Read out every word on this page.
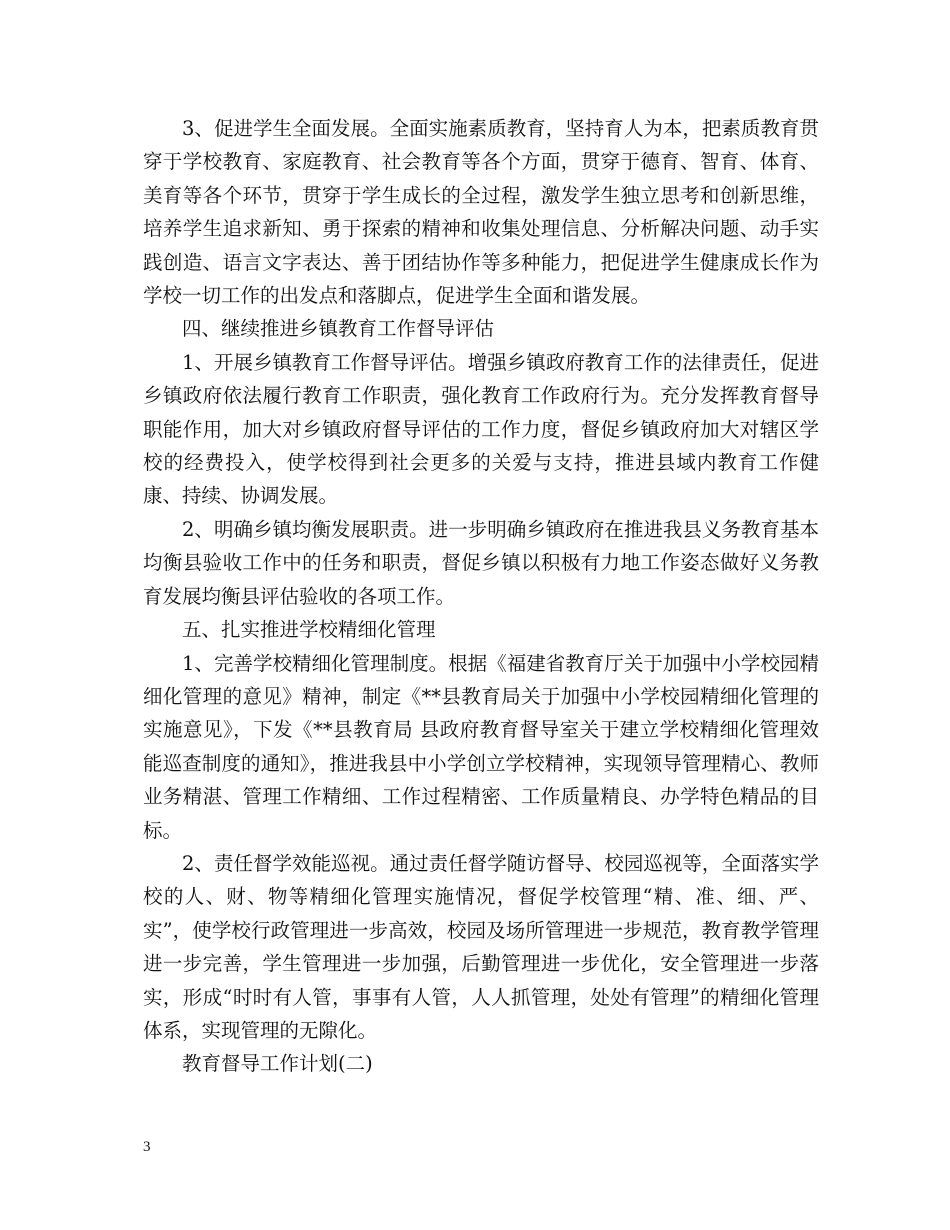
3、促进学生全面发展。全面实施素质教育，坚持育人为本，把素质教育贯穿于学校教育、家庭教育、社会教育等各个方面，贯穿于德育、智育、体育、美育等各个环节，贯穿于学生成长的全过程，激发学生独立思考和创新思维，培养学生追求新知、勇于探索的精神和收集处理信息、分析解决问题、动手实践创造、语言文字表达、善于团结协作等多种能力，把促进学生健康成长作为学校一切工作的出发点和落脚点，促进学生全面和谐发展。

四、继续推进乡镇教育工作督导评估

1、开展乡镇教育工作督导评估。增强乡镇政府教育工作的法律责任，促进乡镇政府依法履行教育工作职责，强化教育工作政府行为。充分发挥教育督导职能作用，加大对乡镇政府督导评估的工作力度，督促乡镇政府加大对辖区学校的经费投入，使学校得到社会更多的关爱与支持，推进县域内教育工作健康、持续、协调发展。

2、明确乡镇均衡发展职责。进一步明确乡镇政府在推进我县义务教育基本均衡县验收工作中的任务和职责，督促乡镇以积极有力地工作姿态做好义务教育发展均衡县评估验收的各项工作。

五、扎实推进学校精细化管理

1、完善学校精细化管理制度。根据《福建省教育厅关于加强中小学校园精细化管理的意见》精神，制定《**县教育局关于加强中小学校园精细化管理的实施意见》，下发《**县教育局 县政府教育督导室关于建立学校精细化管理效能巡查制度的通知》，推进我县中小学创立学校精神，实现领导管理精心、教师业务精湛、管理工作精细、工作过程精密、工作质量精良、办学特色精品的目标。

2、责任督学效能巡视。通过责任督学随访督导、校园巡视等，全面落实学校的人、财、物等精细化管理实施情况，督促学校管理“精、准、细、严、实”，使学校行政管理进一步高效，校园及场所管理进一步规范，教育教学管理进一步完善，学生管理进一步加强，后勤管理进一步优化，安全管理进一步落实，形成“时时有人管，事事有人管，人人抓管理，处处有管理”的精细化管理体系，实现管理的无隙化。

教育督导工作计划(二)

3
